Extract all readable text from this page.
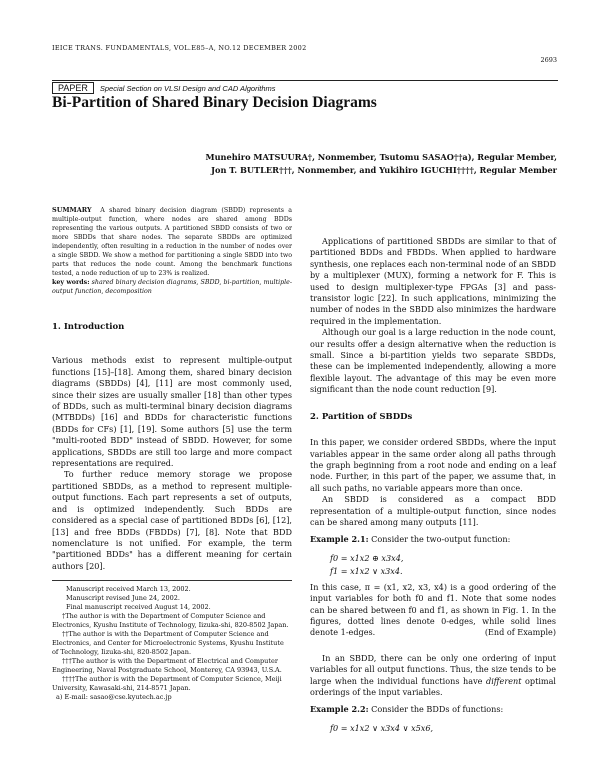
IEICE TRANS. FUNDAMENTALS, VOL.E85–A, NO.12 DECEMBER 2002
2693
PAPER Special Section on VLSI Design and CAD Algorithms
Bi-Partition of Shared Binary Decision Diagrams
Munehiro MATSUURA†, Nonmember, Tsutomu SASAO††a), Regular Member,
Jon T. BUTLER†††, Nonmember, and Yukihiro IGUCHI††††, Regular Member
SUMMARY A shared binary decision diagram (SBDD) represents a multiple-output function, where nodes are shared among BDDs representing the various outputs. A partitioned SBDD consists of two or more SBDDs that share nodes. The separate SBDDs are optimized independently, often resulting in a reduction in the number of nodes over a single SBDD. We show a method for partitioning a single SBDD into two parts that reduces the node count. Among the benchmark functions tested, a node reduction of up to 23% is realized.
key words: shared binary decision diagrams, SBDD, bi-partition, multiple-output function, decomposition
1. Introduction

Various methods exist to represent multiple-output functions [15]–[18]. Among them, shared binary decision diagrams (SBDDs) [4], [11] are most commonly used, since their sizes are usually smaller [18] than other types of BDDs, such as multi-terminal binary decision diagrams (MTBDDs) [16] and BDDs for characteristic functions (BDDs for CFs) [1], [19]. Some authors [5] use the term "multi-rooted BDD" instead of SBDD. However, for some applications, SBDDs are still too large and more compact representations are required.

To further reduce memory storage we propose partitioned SBDDs, as a method to represent multiple-output functions. Each part represents a set of outputs, and is optimized independently. Such BDDs are considered as a special case of partitioned BDDs [6], [12], [13] and free BDDs (FBDDs) [7], [8]. Note that BDD nomenclature is not unified. For example, the term "partitioned BDDs" has a different meaning for certain authors [20].

Manuscript received March 13, 2002.
Manuscript revised June 24, 2002.
Final manuscript received August 14, 2002.
†The author is with the Department of Computer Science and Electronics, Kyushu Institute of Technology, Iizuka-shi, 820-8502 Japan.
††The author is with the Department of Computer Science and Electronics, and Center for Microelectronic Systems, Kyushu Institute of Technology, Iizuka-shi, 820-8502 Japan.
†††The author is with the Department of Electrical and Computer Engineering, Naval Postgraduate School, Monterey, CA 93943, U.S.A.
††††The author is with the Department of Computer Science, Meiji University, Kawasaki-shi, 214-8571 Japan.
a) E-mail: sasao@cse.kyutech.ac.jp

Applications of partitioned SBDDs are similar to that of partitioned BDDs and FBDDs. When applied to hardware synthesis, one replaces each non-terminal node of an SBDD by a multiplexer (MUX), forming a network for F. This is used to design multiplexer-type FPGAs [3] and pass-transistor logic [22]. In such applications, minimizing the number of nodes in the SBDD also minimizes the hardware required in the implementation.

Although our goal is a large reduction in the node count, our results offer a design alternative when the reduction is small. Since a bi-partition yields two separate SBDDs, these can be implemented independently, allowing a more flexible layout. The advantage of this may be even more significant than the node count reduction [9].

2. Partition of SBDDs

In this paper, we consider ordered SBDDs, where the input variables appear in the same order along all paths through the graph beginning from a root node and ending on a leaf node. Further, in this part of the paper, we assume that, in all such paths, no variable appears more than once.

An SBDD is considered as a compact BDD representation of a multiple-output function, since nodes can be shared among many outputs [11].

Example 2.1: Consider the two-output function:
f0 = x1x2 ⊕ x3x4,
f1 = x1x2 ∨ x3x4.

In this case, π = (x1, x2, x3, x4) is a good ordering of the input variables for both f0 and f1. Note that some nodes can be shared between f0 and f1, as shown in Fig. 1. In the figures, dotted lines denote 0-edges, while solid lines denote 1-edges.	(End of Example)

In an SBDD, there can be only one ordering of input variables for all output functions. Thus, the size tends to be large when the individual functions have different optimal orderings of the input variables.

Example 2.2: Consider the BDDs of functions:
f0 = x1x2 ∨ x3x4 ∨ x5x6,
